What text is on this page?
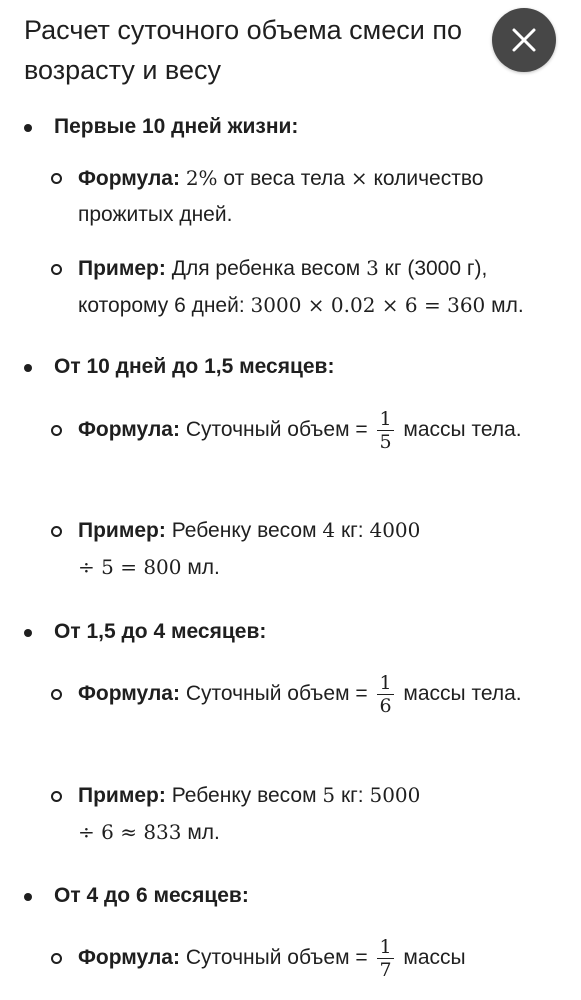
Расчет суточного объема смеси по возрасту и весу
Первые 10 дней жизни:
Формула: 2% от веса тела × количество прожитых дней.
Пример: Для ребенка весом 3 кг (3000 г), которому 6 дней: 3000 × 0.02 × 6 = 360 мл.
От 10 дней до 1,5 месяцев:
Формула: Суточный объем = $\frac{1}{5}$ массы тела.
Пример: Ребенку весом 4 кг: 4000 ÷ 5 = 800 мл.
От 1,5 до 4 месяцев:
Формула: Суточный объем = $\frac{1}{6}$ массы тела.
Пример: Ребенку весом 5 кг: 5000 ÷ 6 ≈ 833 мл.
От 4 до 6 месяцев:
Формула: Суточный объем = $\frac{1}{7}$ массы
